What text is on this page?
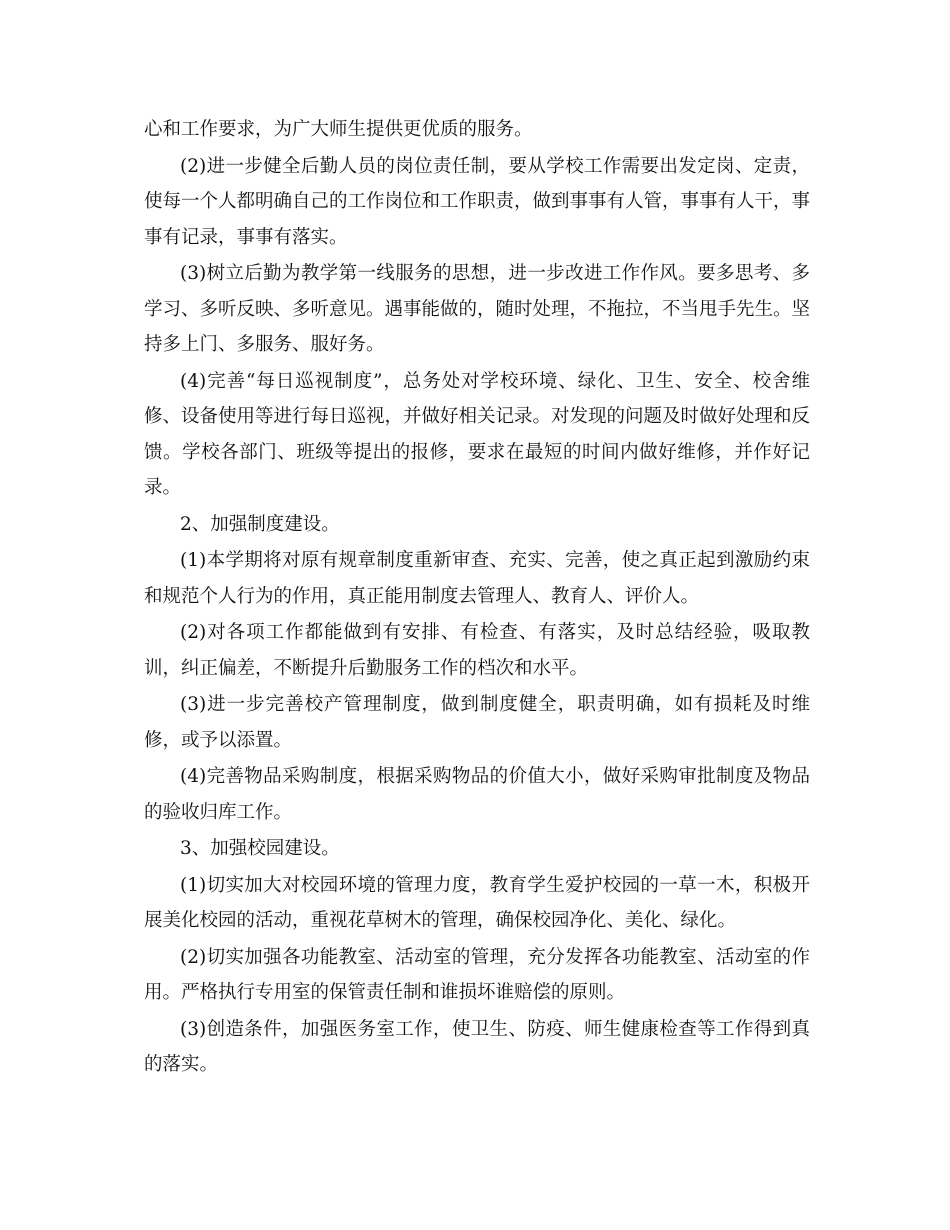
心和工作要求，为广大师生提供更优质的服务。

(2)进一步健全后勤人员的岗位责任制，要从学校工作需要出发定岗、定责，使每一个人都明确自己的工作岗位和工作职责，做到事事有人管，事事有人干，事事有记录，事事有落实。

(3)树立后勤为教学第一线服务的思想，进一步改进工作作风。要多思考、多学习、多听反映、多听意见。遇事能做的，随时处理，不拖拉，不当甩手先生。坚持多上门、多服务、服好务。

(4)完善“每日巡视制度”，总务处对学校环境、绿化、卫生、安全、校舍维修、设备使用等进行每日巡视，并做好相关记录。对发现的问题及时做好处理和反馈。学校各部门、班级等提出的报修，要求在最短的时间内做好维修，并作好记录。

2、加强制度建设。

(1)本学期将对原有规章制度重新审查、充实、完善，使之真正起到激励约束和规范个人行为的作用，真正能用制度去管理人、教育人、评价人。

(2)对各项工作都能做到有安排、有检查、有落实，及时总结经验，吸取教训，纠正偏差，不断提升后勤服务工作的档次和水平。

(3)进一步完善校产管理制度，做到制度健全，职责明确，如有损耗及时维修，或予以添置。

(4)完善物品采购制度，根据采购物品的价值大小，做好采购审批制度及物品的验收归库工作。

3、加强校园建设。

(1)切实加大对校园环境的管理力度，教育学生爱护校园的一草一木，积极开展美化校园的活动，重视花草树木的管理，确保校园净化、美化、绿化。

(2)切实加强各功能教室、活动室的管理，充分发挥各功能教室、活动室的作用。严格执行专用室的保管责任制和谁损坏谁赔偿的原则。

(3)创造条件，加强医务室工作，使卫生、防疫、师生健康检查等工作得到真的落实。
